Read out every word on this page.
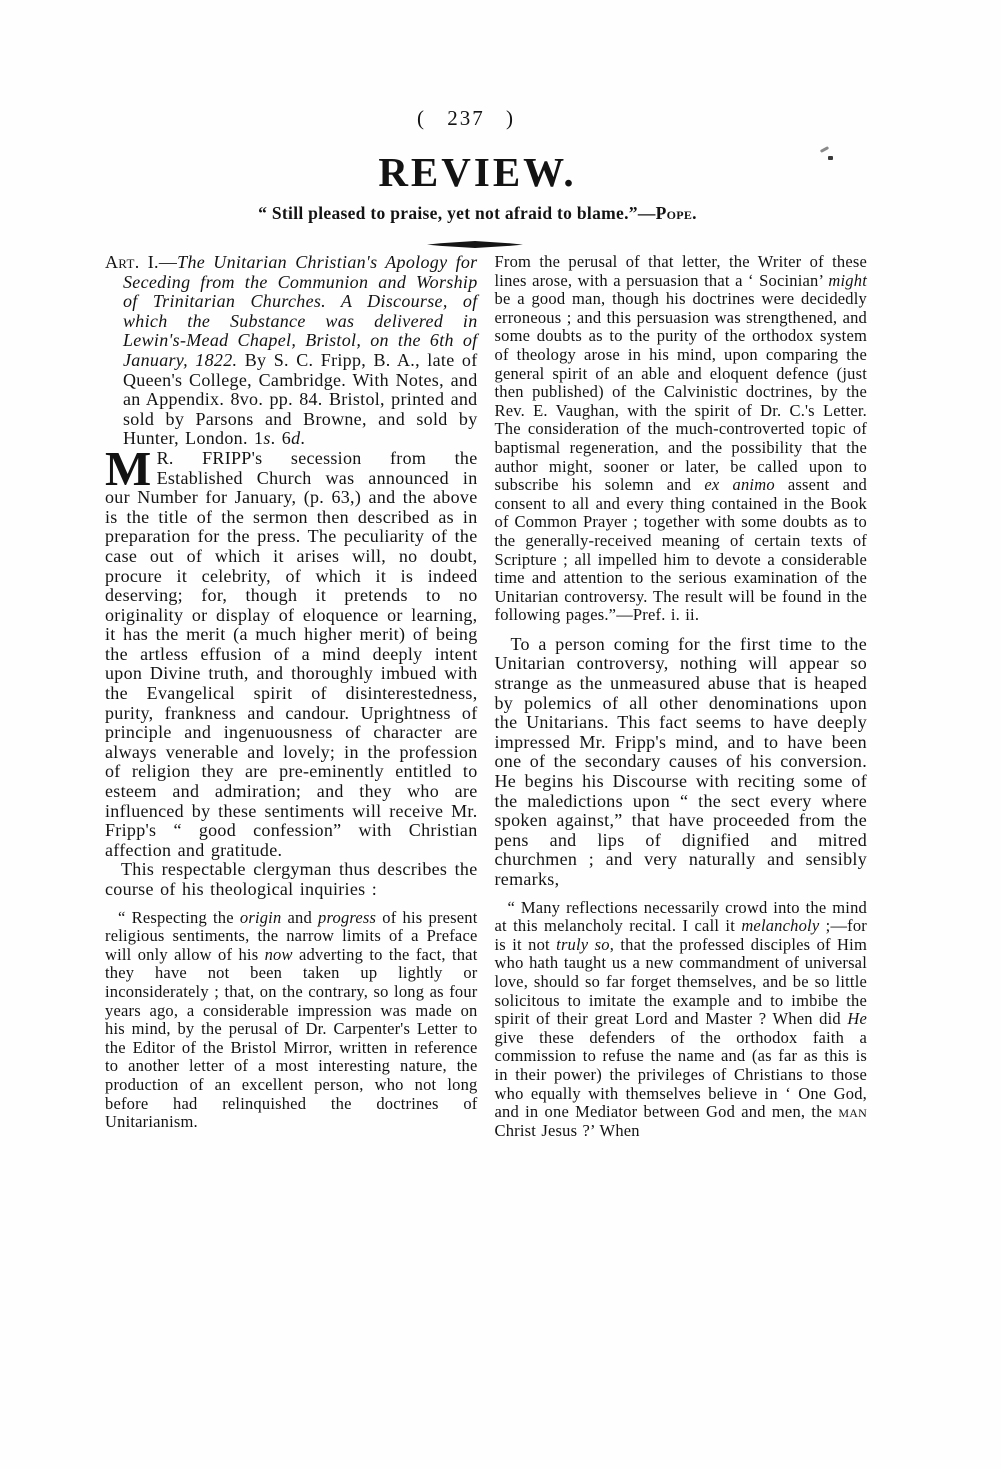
( 237 )
REVIEW.
“ Still pleased to praise, yet not afraid to blame.”—Pope.

Art. I.—The Unitarian Christian's Apology for Seceding from the Communion and Worship of Trinitarian Churches. A Discourse, of which the Substance was delivered in Lewin's-Mead Chapel, Bristol, on the 6th of January, 1822. By S. C. Fripp, B. A., late of Queen's College, Cambridge. With Notes, and an Appendix. 8vo. pp. 84. Bristol, printed and sold by Parsons and Browne, and sold by Hunter, London. 1s. 6d.

M R. FRIPP's secession from the Established Church was announced in our Number for January, (p. 63,) and the above is the title of the sermon then described as in preparation for the press. The peculiarity of the case out of which it arises will, no doubt, procure it celebrity, of which it is indeed deserving; for, though it pretends to no originality or display of eloquence or learning, it has the merit (a much higher merit) of being the artless effusion of a mind deeply intent upon Divine truth, and thoroughly imbued with the Evangelical spirit of disinterestedness, purity, frankness and candour. Uprightness of principle and ingenuousness of character are always venerable and lovely; in the profession of religion they are pre-eminently entitled to esteem and admiration; and they who are influenced by these sentiments will receive Mr. Fripp's “ good confession” with Christian affection and gratitude.

This respectable clergyman thus describes the course of his theological inquiries :

“ Respecting the origin and progress of his present religious sentiments, the narrow limits of a Preface will only allow of his now adverting to the fact, that they have not been taken up lightly or inconsiderately ; that, on the contrary, so long as four years ago, a considerable impression was made on his mind, by the perusal of Dr. Carpenter's Letter to the Editor of the Bristol Mirror, written in reference to another letter of a most interesting nature, the production of an excellent person, who not long before had relinquished the doctrines of Unitarianism.

From the perusal of that letter, the Writer of these lines arose, with a persuasion that a ‘ Socinian’ might be a good man, though his doctrines were decidedly erroneous ; and this persuasion was strengthened, and some doubts as to the purity of the orthodox system of theology arose in his mind, upon comparing the general spirit of an able and eloquent defence (just then published) of the Calvinistic doctrines, by the Rev. E. Vaughan, with the spirit of Dr. C.'s Letter. The consideration of the much-controverted topic of baptismal regeneration, and the possibility that the author might, sooner or later, be called upon to subscribe his solemn and ex animo assent and consent to all and every thing contained in the Book of Common Prayer ; together with some doubts as to the generally-received meaning of certain texts of Scripture ; all impelled him to devote a considerable time and attention to the serious examination of the Unitarian controversy. The result will be found in the following pages.”—Pref. i. ii.

To a person coming for the first time to the Unitarian controversy, nothing will appear so strange as the unmeasured abuse that is heaped by polemics of all other denominations upon the Unitarians. This fact seems to have deeply impressed Mr. Fripp's mind, and to have been one of the secondary causes of his conversion. He begins his Discourse with reciting some of the maledictions upon “ the sect every where spoken against,” that have proceeded from the pens and lips of dignified and mitred churchmen ; and very naturally and sensibly remarks,

“ Many reflections necessarily crowd into the mind at this melancholy recital. I call it melancholy ;—for is it not truly so, that the professed disciples of Him who hath taught us a new commandment of universal love, should so far forget themselves, and be so little solicitous to imitate the example and to imbibe the spirit of their great Lord and Master ? When did He give these defenders of the orthodox faith a commission to refuse the name and (as far as this is in their power) the privileges of Christians to those who equally with themselves believe in ‘ One God, and in one Mediator between God and men, the man Christ Jesus ?’ When
